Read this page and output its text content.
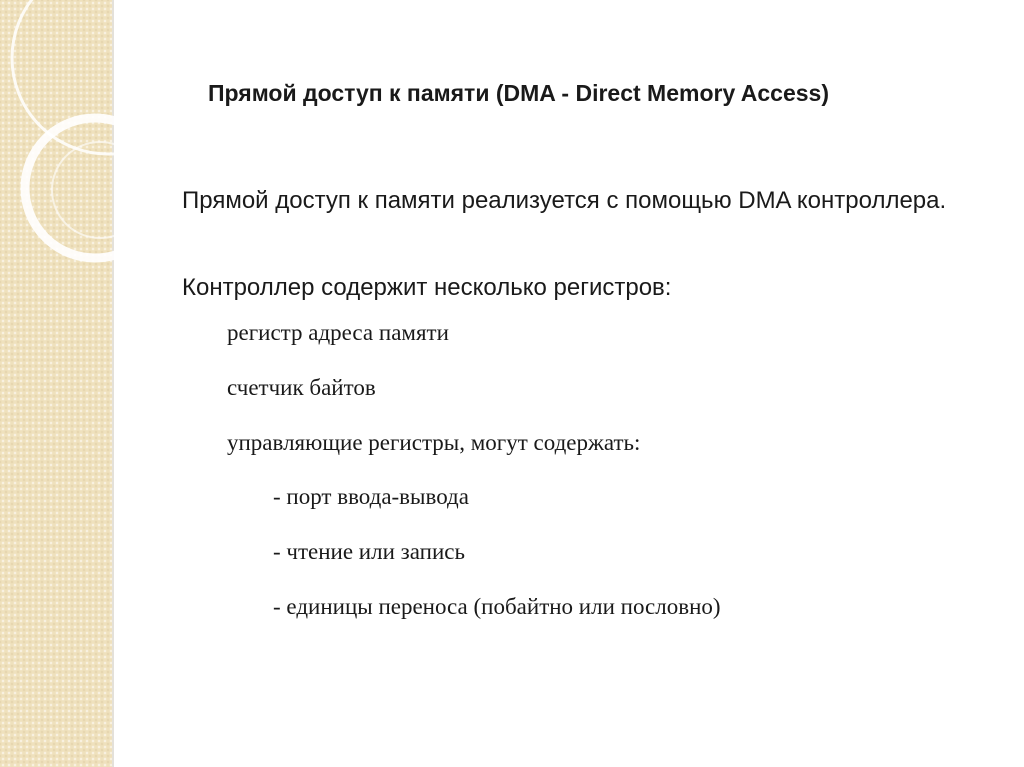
Прямой доступ к памяти (DMA - Direct Memory Access)
Прямой доступ к памяти реализуется с помощью DMA контроллера.
Контроллер содержит несколько регистров:
регистр адреса памяти
счетчик байтов
управляющие регистры, могут содержать:
- порт ввода-вывода
- чтение или запись
- единицы переноса (побайтно или пословно)
